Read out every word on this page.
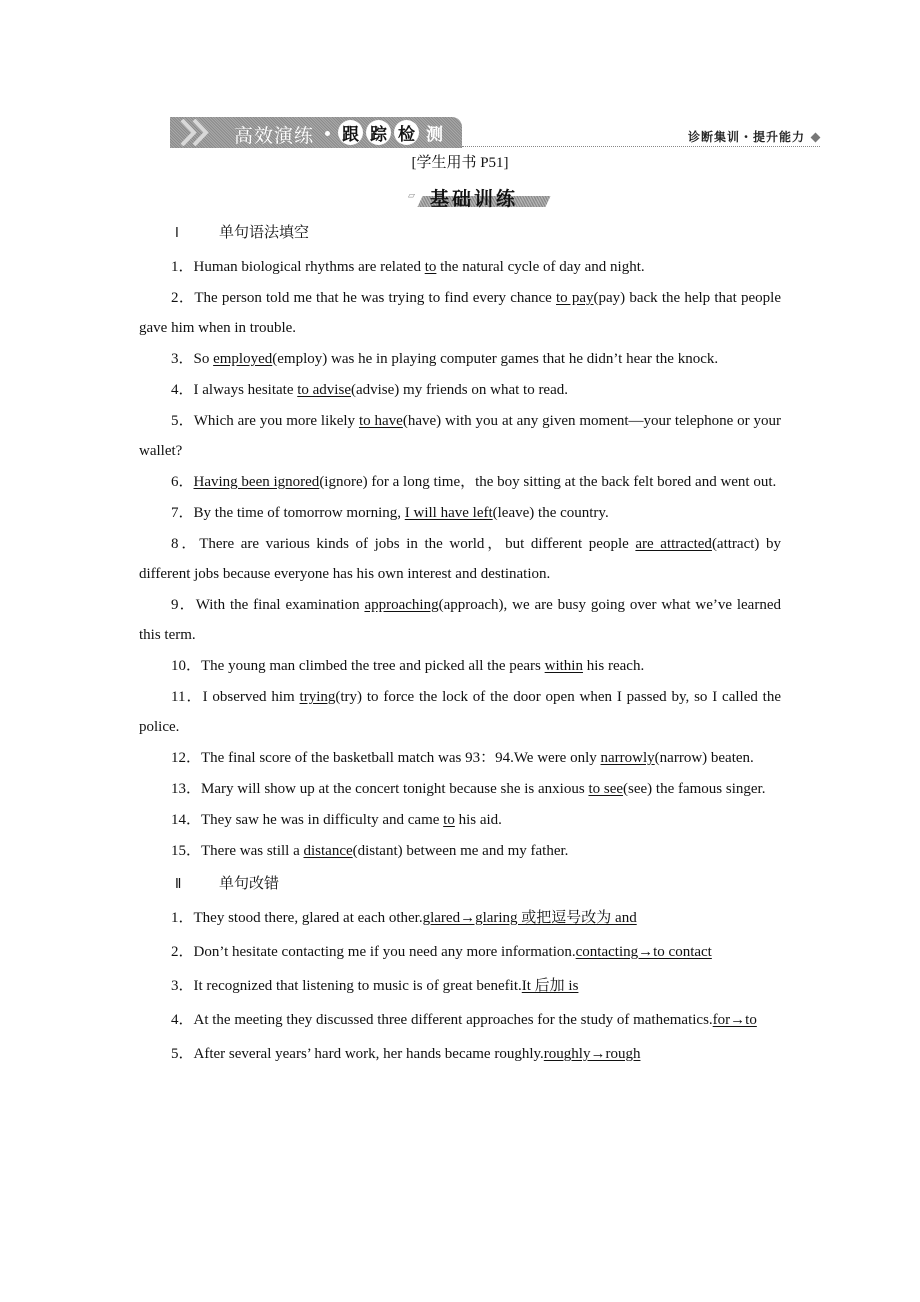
高效演练 跟 踪 检 测	诊断集训・提升能力
[学生用书 P51]
▱ 基础训练
Ⅰ	单句语法填空
1．Human biological rhythms are related to the natural cycle of day and night.
2．The person told me that he was trying to find every chance to pay(pay) back the help that people gave him when in trouble.
3．So employed(employ) was he in playing computer games that he didn’t hear the knock.
4．I always hesitate to advise(advise) my friends on what to read.
5．Which are you more likely to have(have) with you at any given moment—your telephone or your wallet?
6．Having been ignored(ignore) for a long time，the boy sitting at the back felt bored and went out.
7．By the time of tomorrow morning, I will have left(leave) the country.
8．There are various kinds of jobs in the world，but different people are attracted(attract) by different jobs because everyone has his own interest and destination.
9．With the final examination approaching(approach), we are busy going over what we’ve learned this term.
10．The young man climbed the tree and picked all the pears within his reach.
11．I observed him trying(try) to force the lock of the door open when I passed by, so I called the police.
12．The final score of the basketball match was 93：94.We were only narrowly(narrow) beaten.
13．Mary will show up at the concert tonight because she is anxious to see(see) the famous singer.
14．They saw he was in difficulty and came to his aid.
15．There was still a distance(distant) between me and my father.
Ⅱ	单句改错
1．They stood there, glared at each other.glared→glaring 或把逗号改为 and
2．Don’t hesitate contacting me if you need any more information.contacting→to contact
3．It recognized that listening to music is of great benefit.It 后加 is
4．At the meeting they discussed three different approaches for the study of mathematics.for→to
5．After several years’ hard work, her hands became roughly.roughly→rough
